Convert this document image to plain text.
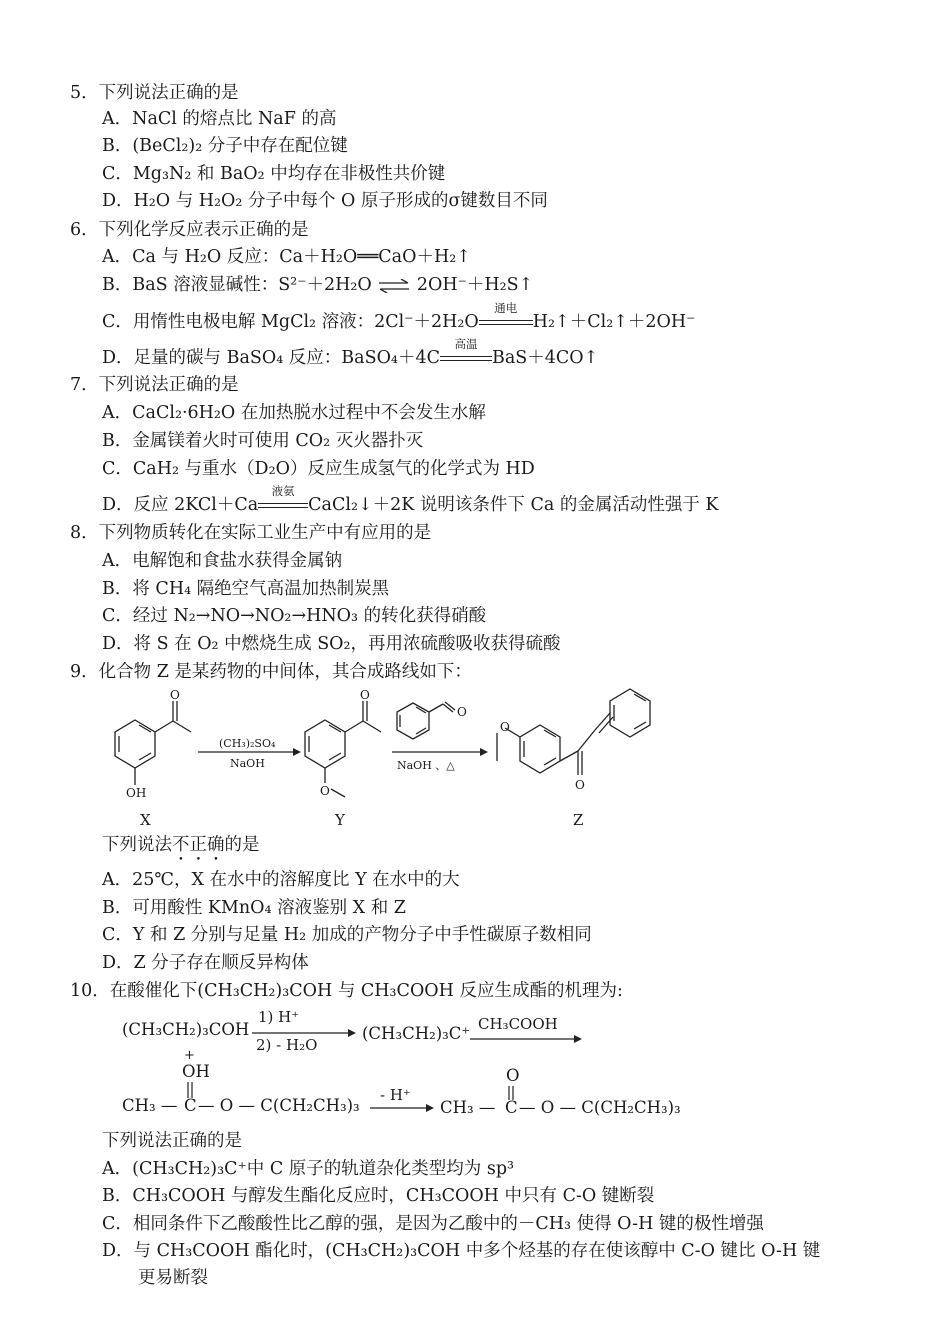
5．下列说法正确的是
A．NaCl 的熔点比 NaF 的高
B．(BeCl₂)₂ 分子中存在配位键
C．Mg₃N₂ 和 BaO₂ 中均存在非极性共价键
D．H₂O 与 H₂O₂ 分子中每个 O 原子形成的σ键数目不同
6．下列化学反应表示正确的是
A．Ca 与 H₂O 反应：Ca＋H₂O══CaO＋H₂↑
B．BaS 溶液显碱性：S²⁻＋2H₂O ⇌ 2OH⁻＋H₂S↑
C．用惰性电极电解 MgCl₂ 溶液：2Cl⁻＋2H₂O
通电
H₂↑＋Cl₂↑＋2OH⁻
D．足量的碳与 BaSO₄ 反应：BaSO₄＋4C
高温
BaS＋4CO↑
7．下列说法正确的是
A．CaCl₂·6H₂O 在加热脱水过程中不会发生水解
B．金属镁着火时可使用 CO₂ 灭火器扑灭
C．CaH₂ 与重水（D₂O）反应生成氢气的化学式为 HD
D．反应 2KCl＋Ca
液氨
CaCl₂↓＋2K 说明该条件下 Ca 的金属活动性强于 K
8．下列物质转化在实际工业生产中有应用的是
A．电解饱和食盐水获得金属钠
B．将 CH₄ 隔绝空气高温加热制炭黑
C．经过 N₂→NO→NO₂→HNO₃ 的转化获得硝酸
D．将 S 在 O₂ 中燃烧生成 SO₂，再用浓硫酸吸收获得硫酸
9．化合物 Z 是某药物的中间体，其合成路线如下：
O
OH
X
(CH₃)₂SO₄
NaOH
O
O
Y
O
NaOH 、△
O
O
Z
下列说法不正确的是
A．25℃，X 在水中的溶解度比 Y 在水中的大
B．可用酸性 KMnO₄ 溶液鉴别 X 和 Z
C．Y 和 Z 分别与足量 H₂ 加成的产物分子中手性碳原子数相同
D．Z 分子存在顺反异构体
10．在酸催化下(CH₃CH₂)₃COH 与 CH₃COOH 反应生成酯的机理为:
(CH₃CH₂)₃COH
1) H⁺
2) - H₂O
(CH₃CH₂)₃C⁺ CH₃COOH
+
OH
CH₃ — C — O — C(CH₂CH₃)₃
- H⁺
O
CH₃ — C — O — C(CH₂CH₃)₃
下列说法正确的是
A．(CH₃CH₂)₃C⁺中 C 原子的轨道杂化类型均为 sp³
B．CH₃COOH 与醇发生酯化反应时，CH₃COOH 中只有 C-O 键断裂
C．相同条件下乙酸酸性比乙醇的强，是因为乙酸中的－CH₃ 使得 O-H 键的极性增强
D．与 CH₃COOH 酯化时，(CH₃CH₂)₃COH 中多个烃基的存在使该醇中 C-O 键比 O-H 键
更易断裂
